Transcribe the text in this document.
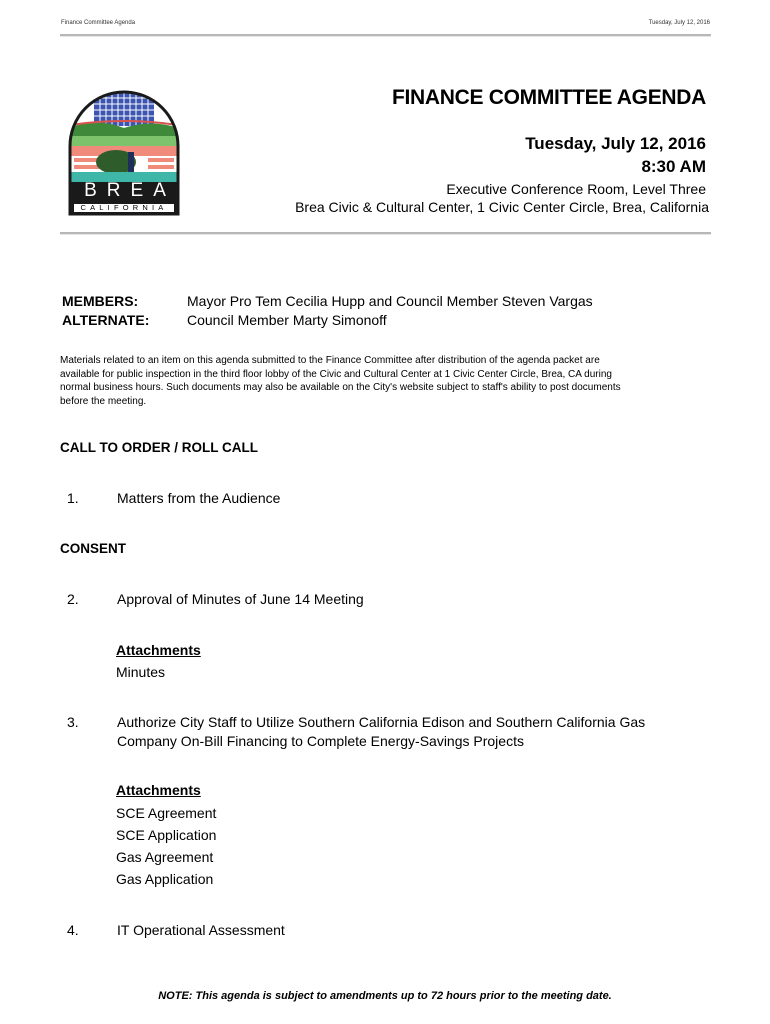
Finance Committee Agenda	Tuesday, July 12, 2016
BREA
CALIFORNIA
FINANCE COMMITTEE AGENDA
Tuesday, July 12, 2016
8:30 AM
Executive Conference Room, Level Three
Brea Civic & Cultural Center, 1 Civic Center Circle, Brea, California
MEMBERS:	Mayor Pro Tem Cecilia Hupp and Council Member Steven Vargas
ALTERNATE:	Council Member Marty Simonoff
Materials related to an item on this agenda submitted to the Finance Committee after distribution of the agenda packet are
available for public inspection in the third floor lobby of the Civic and Cultural Center at 1 Civic Center Circle, Brea, CA during
normal business hours. Such documents may also be available on the City's website subject to staff's ability to post documents
before the meeting.
CALL TO ORDER / ROLL CALL
1.	Matters from the Audience
CONSENT
2.	Approval of Minutes of June 14 Meeting
Attachments
Minutes
3.	Authorize City Staff to Utilize Southern California Edison and Southern California Gas
Company On-Bill Financing to Complete Energy-Savings Projects
Attachments
SCE Agreement
SCE Application
Gas Agreement
Gas Application
4.	IT Operational Assessment
NOTE: This agenda is subject to amendments up to 72 hours prior to the meeting date.
